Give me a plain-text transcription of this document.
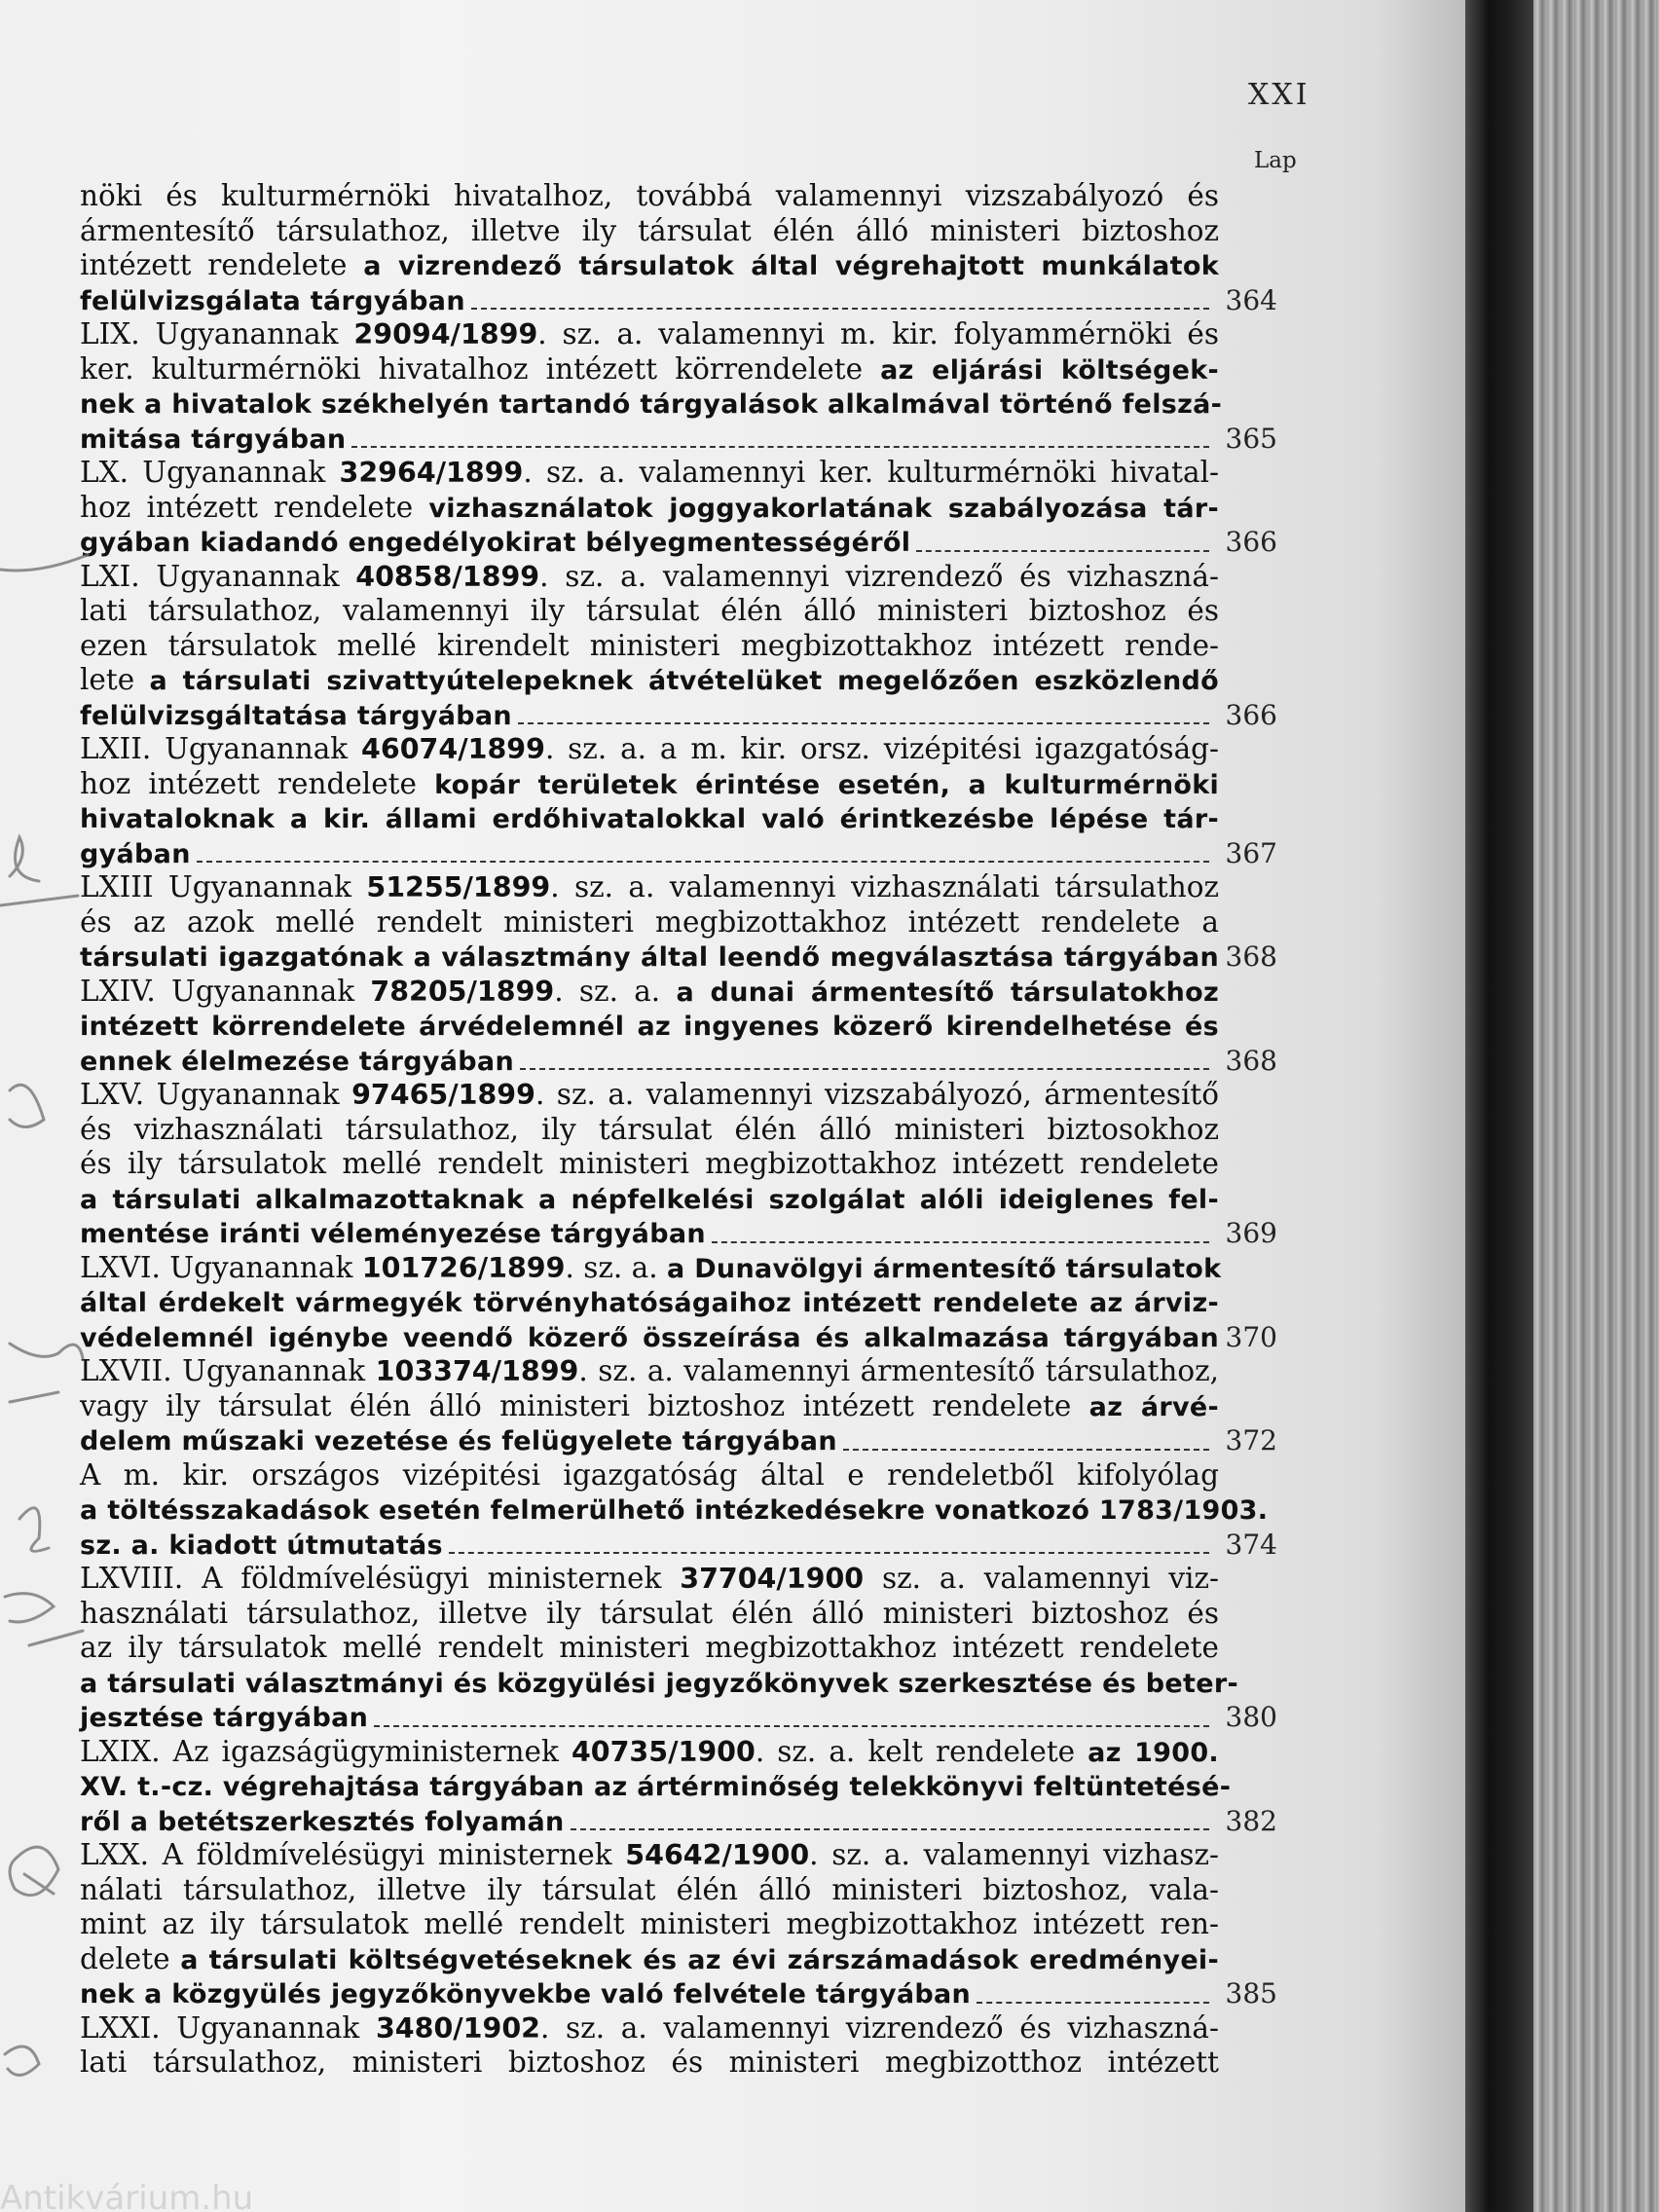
XXI
Lap
nöki és kulturmérnöki hivatalhoz, továbbá valamennyi vizszabályozó és
ármentesítő társulathoz, illetve ily társulat élén álló ministeri biztoshoz
intézett rendelete a vizrendező társulatok által végrehajtott munkálatok
felülvizsgálata tárgyában	364
LIX. Ugyanannak 29094/1899. sz. a. valamennyi m. kir. folyammérnöki és
ker. kulturmérnöki hivatalhoz intézett körrendelete az eljárási költségek-
nek a hivatalok székhelyén tartandó tárgyalások alkalmával történő felszá-
mitása tárgyában	365
LX. Ugyanannak 32964/1899. sz. a. valamennyi ker. kulturmérnöki hivatal-
hoz intézett rendelete vizhasználatok joggyakorlatának szabályozása tár-
gyában kiadandó engedélyokirat bélyegmentességéről	366
LXI. Ugyanannak 40858/1899. sz. a. valamennyi vizrendező és vizhaszná-
lati társulathoz, valamennyi ily társulat élén álló ministeri biztoshoz és
ezen társulatok mellé kirendelt ministeri megbizottakhoz intézett rende-
lete a társulati szivattyútelepeknek átvételüket megelőzően eszközlendő
felülvizsgáltatása tárgyában	366
LXII. Ugyanannak 46074/1899. sz. a. a m. kir. orsz. vizépitési igazgatóság-
hoz intézett rendelete kopár területek érintése esetén, a kulturmérnöki
hivataloknak a kir. állami erdőhivatalokkal való érintkezésbe lépése tár-
gyában	367
LXIII Ugyanannak 51255/1899. sz. a. valamennyi vizhasználati társulathoz
és az azok mellé rendelt ministeri megbizottakhoz intézett rendelete a
társulati igazgatónak a választmány által leendő megválasztása tárgyában 368
LXIV. Ugyanannak 78205/1899. sz. a. a dunai ármentesítő társulatokhoz
intézett körrendelete árvédelemnél az ingyenes közerő kirendelhetése és
ennek élelmezése tárgyában	368
LXV. Ugyanannak 97465/1899. sz. a. valamennyi vizszabályozó, ármentesítő
és vizhasználati társulathoz, ily társulat élén álló ministeri biztosokhoz
és ily társulatok mellé rendelt ministeri megbizottakhoz intézett rendelete
a társulati alkalmazottaknak a népfelkelési szolgálat alóli ideiglenes fel-
mentése iránti véleményezése tárgyában	369
LXVI. Ugyanannak 101726/1899. sz. a. a Dunavölgyi ármentesítő társulatok
által érdekelt vármegyék törvényhatóságaihoz intézett rendelete az árviz-
védelemnél igénybe veendő közerő összeírása és alkalmazása tárgyában 370
LXVII. Ugyanannak 103374/1899. sz. a. valamennyi ármentesítő társulathoz,
vagy ily társulat élén álló ministeri biztoshoz intézett rendelete az árvé-
delem műszaki vezetése és felügyelete tárgyában	372
A m. kir. országos vizépitési igazgatóság által e rendeletből kifolyólag
a töltésszakadások esetén felmerülhető intézkedésekre vonatkozó 1783/1903.
sz. a. kiadott útmutatás	374
LXVIII. A földmívelésügyi ministernek 37704/1900 sz. a. valamennyi viz-
használati társulathoz, illetve ily társulat élén álló ministeri biztoshoz és
az ily társulatok mellé rendelt ministeri megbizottakhoz intézett rendelete
a társulati választmányi és közgyülési jegyzőkönyvek szerkesztése és beter-
jesztése tárgyában	380
LXIX. Az igazságügyministernek 40735/1900. sz. a. kelt rendelete az 1900.
XV. t.-cz. végrehajtása tárgyában az ártérminőség telekkönyvi feltüntetésé-
ről a betétszerkesztés folyamán	382
LXX. A földmívelésügyi ministernek 54642/1900. sz. a. valamennyi vizhasz-
nálati társulathoz, illetve ily társulat élén álló ministeri biztoshoz, vala-
mint az ily társulatok mellé rendelt ministeri megbizottakhoz intézett ren-
delete a társulati költségvetéseknek és az évi zárszámadások eredményei-
nek a közgyülés jegyzőkönyvekbe való felvétele tárgyában	385
LXXI. Ugyanannak 3480/1902. sz. a. valamennyi vizrendező és vizhaszná-
lati társulathoz, ministeri biztoshoz és ministeri megbizotthoz intézett
Antikvárium.hu
